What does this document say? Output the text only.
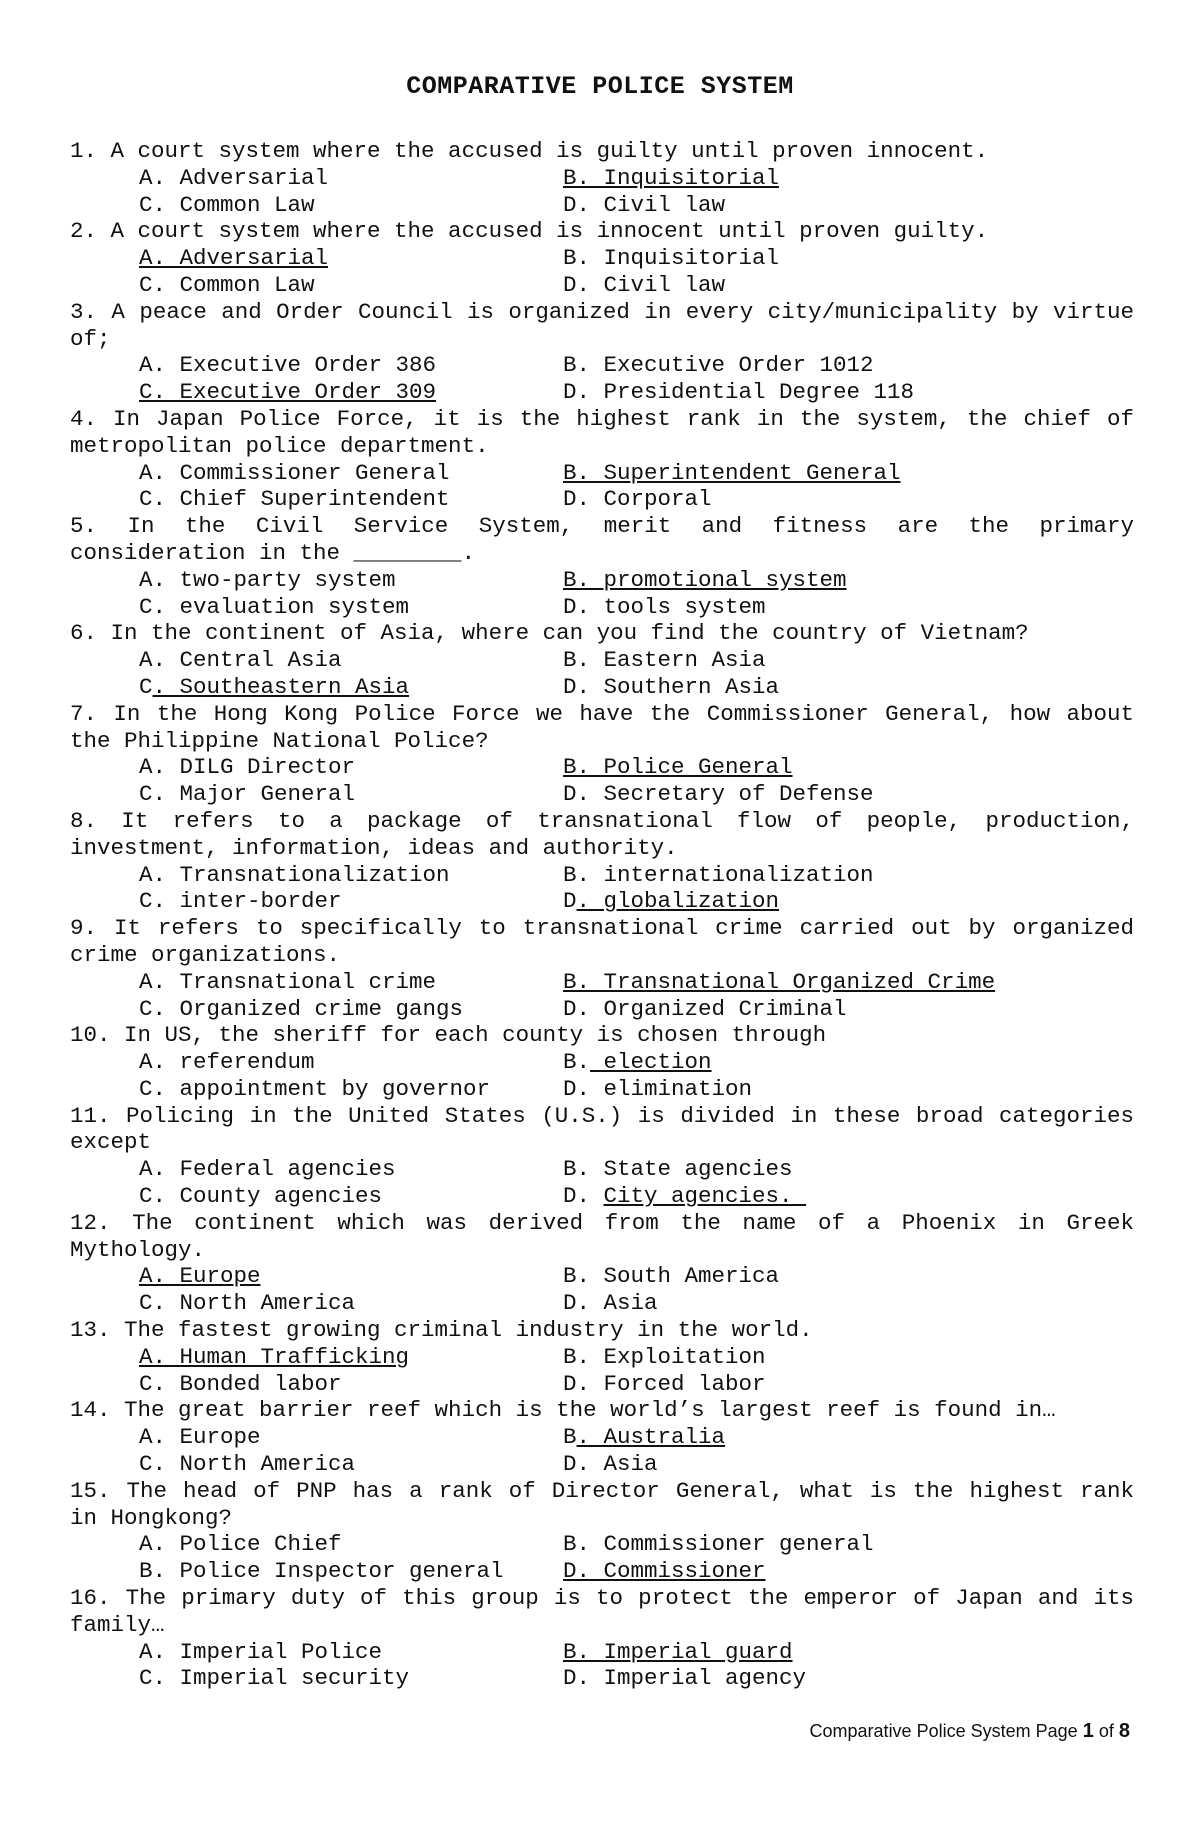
COMPARATIVE POLICE SYSTEM
1. A court system where the accused is guilty until proven innocent.
A. Adversarial	B. Inquisitorial
C. Common Law	D. Civil law
2. A court system where the accused is innocent until proven guilty.
A. Adversarial	B. Inquisitorial
C. Common Law	D. Civil law
3. A peace and Order Council is organized in every city/municipality by virtue of;
A. Executive Order 386	B. Executive Order 1012
C. Executive Order 309	D. Presidential Degree 118
4. In Japan Police Force, it is the highest rank in the system, the chief of metropolitan police department.
A. Commissioner General	B. Superintendent General
C. Chief Superintendent	D. Corporal
5. In the Civil Service System, merit and fitness are the primary consideration in the ________.
A. two-party system	B. promotional system
C. evaluation system	D. tools system
6. In the continent of Asia, where can you find the country of Vietnam?
A. Central Asia	B. Eastern Asia
C. Southeastern Asia	D. Southern Asia
7. In the Hong Kong Police Force we have the Commissioner General, how about the Philippine National Police?
A. DILG Director	B. Police General
C. Major General	D. Secretary of Defense
8. It refers to a package of transnational flow of people, production, investment, information, ideas and authority.
A. Transnationalization	B. internationalization
C. inter-border	D. globalization
9. It refers to specifically to transnational crime carried out by organized crime organizations.
A. Transnational crime	B. Transnational Organized Crime
C. Organized crime gangs	D. Organized Criminal
10. In US, the sheriff for each county is chosen through
A. referendum	B. election
C. appointment by governor	D. elimination
11. Policing in the United States (U.S.) is divided in these broad categories except
A. Federal agencies	B. State agencies
C. County agencies	D. City agencies.
12. The continent which was derived from the name of a Phoenix in Greek Mythology.
A. Europe	B. South America
C. North America	D. Asia
13. The fastest growing criminal industry in the world.
A. Human Trafficking	B. Exploitation
C. Bonded labor	D. Forced labor
14. The great barrier reef which is the world’s largest reef is found in…
A. Europe	B. Australia
C. North America	D. Asia
15. The head of PNP has a rank of Director General, what is the highest rank in Hongkong?
A. Police Chief	B. Commissioner general
B. Police Inspector general	D. Commissioner
16. The primary duty of this group is to protect the emperor of Japan and its family…
A. Imperial Police	B. Imperial guard
C. Imperial security	D. Imperial agency
Comparative Police System Page 1 of 8
